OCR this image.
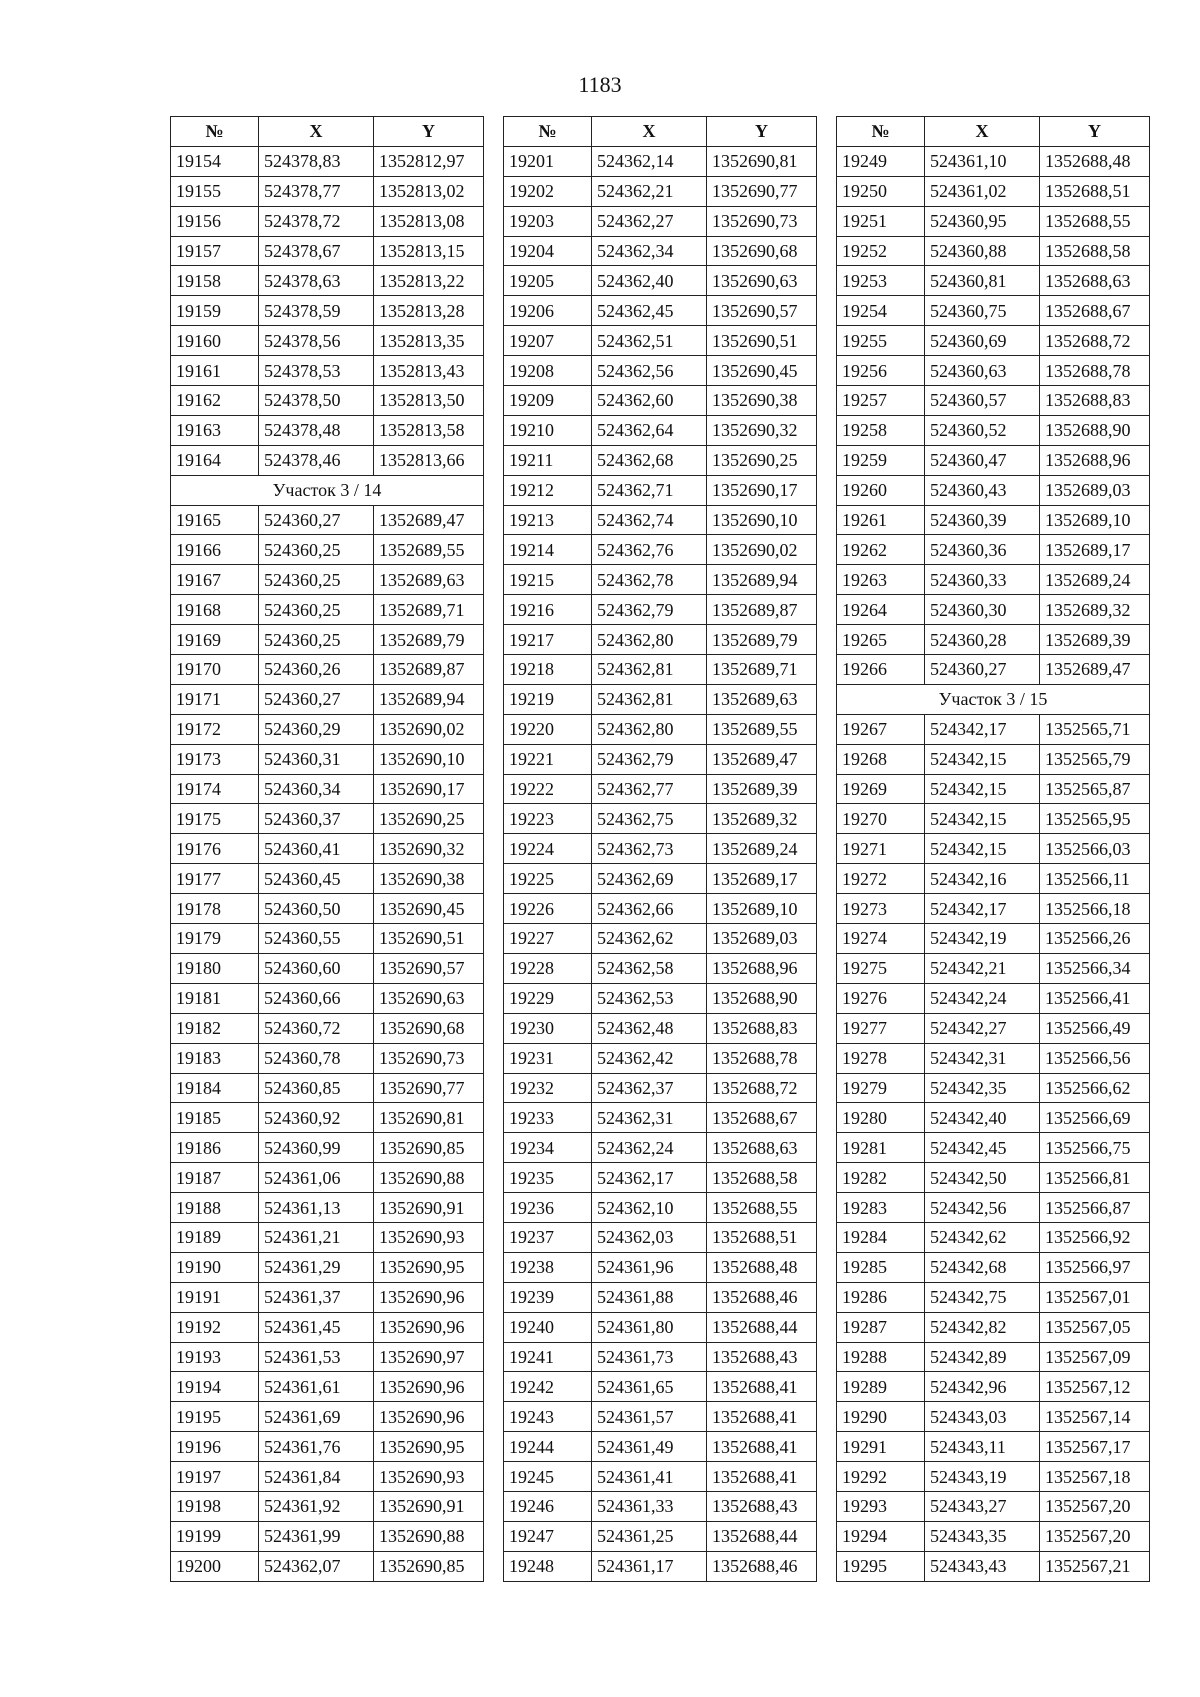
1183
№	X	Y
19154	524378,83	1352812,97
19155	524378,77	1352813,02
19156	524378,72	1352813,08
19157	524378,67	1352813,15
19158	524378,63	1352813,22
19159	524378,59	1352813,28
19160	524378,56	1352813,35
19161	524378,53	1352813,43
19162	524378,50	1352813,50
19163	524378,48	1352813,58
19164	524378,46	1352813,66
Участок 3 / 14		
19165	524360,27	1352689,47
19166	524360,25	1352689,55
19167	524360,25	1352689,63
19168	524360,25	1352689,71
19169	524360,25	1352689,79
19170	524360,26	1352689,87
19171	524360,27	1352689,94
19172	524360,29	1352690,02
19173	524360,31	1352690,10
19174	524360,34	1352690,17
19175	524360,37	1352690,25
19176	524360,41	1352690,32
19177	524360,45	1352690,38
19178	524360,50	1352690,45
19179	524360,55	1352690,51
19180	524360,60	1352690,57
19181	524360,66	1352690,63
19182	524360,72	1352690,68
19183	524360,78	1352690,73
19184	524360,85	1352690,77
19185	524360,92	1352690,81
19186	524360,99	1352690,85
19187	524361,06	1352690,88
19188	524361,13	1352690,91
19189	524361,21	1352690,93
19190	524361,29	1352690,95
19191	524361,37	1352690,96
19192	524361,45	1352690,96
19193	524361,53	1352690,97
19194	524361,61	1352690,96
19195	524361,69	1352690,96
19196	524361,76	1352690,95
19197	524361,84	1352690,93
19198	524361,92	1352690,91
19199	524361,99	1352690,88
19200	524362,07	1352690,85
№	X	Y
19201	524362,14	1352690,81
19202	524362,21	1352690,77
19203	524362,27	1352690,73
19204	524362,34	1352690,68
19205	524362,40	1352690,63
19206	524362,45	1352690,57
19207	524362,51	1352690,51
19208	524362,56	1352690,45
19209	524362,60	1352690,38
19210	524362,64	1352690,32
19211	524362,68	1352690,25
19212	524362,71	1352690,17
19213	524362,74	1352690,10
19214	524362,76	1352690,02
19215	524362,78	1352689,94
19216	524362,79	1352689,87
19217	524362,80	1352689,79
19218	524362,81	1352689,71
19219	524362,81	1352689,63
19220	524362,80	1352689,55
19221	524362,79	1352689,47
19222	524362,77	1352689,39
19223	524362,75	1352689,32
19224	524362,73	1352689,24
19225	524362,69	1352689,17
19226	524362,66	1352689,10
19227	524362,62	1352689,03
19228	524362,58	1352688,96
19229	524362,53	1352688,90
19230	524362,48	1352688,83
19231	524362,42	1352688,78
19232	524362,37	1352688,72
19233	524362,31	1352688,67
19234	524362,24	1352688,63
19235	524362,17	1352688,58
19236	524362,10	1352688,55
19237	524362,03	1352688,51
19238	524361,96	1352688,48
19239	524361,88	1352688,46
19240	524361,80	1352688,44
19241	524361,73	1352688,43
19242	524361,65	1352688,41
19243	524361,57	1352688,41
19244	524361,49	1352688,41
19245	524361,41	1352688,41
19246	524361,33	1352688,43
19247	524361,25	1352688,44
19248	524361,17	1352688,46
№	X	Y
19249	524361,10	1352688,48
19250	524361,02	1352688,51
19251	524360,95	1352688,55
19252	524360,88	1352688,58
19253	524360,81	1352688,63
19254	524360,75	1352688,67
19255	524360,69	1352688,72
19256	524360,63	1352688,78
19257	524360,57	1352688,83
19258	524360,52	1352688,90
19259	524360,47	1352688,96
19260	524360,43	1352689,03
19261	524360,39	1352689,10
19262	524360,36	1352689,17
19263	524360,33	1352689,24
19264	524360,30	1352689,32
19265	524360,28	1352689,39
19266	524360,27	1352689,47
Участок 3 / 15		
19267	524342,17	1352565,71
19268	524342,15	1352565,79
19269	524342,15	1352565,87
19270	524342,15	1352565,95
19271	524342,15	1352566,03
19272	524342,16	1352566,11
19273	524342,17	1352566,18
19274	524342,19	1352566,26
19275	524342,21	1352566,34
19276	524342,24	1352566,41
19277	524342,27	1352566,49
19278	524342,31	1352566,56
19279	524342,35	1352566,62
19280	524342,40	1352566,69
19281	524342,45	1352566,75
19282	524342,50	1352566,81
19283	524342,56	1352566,87
19284	524342,62	1352566,92
19285	524342,68	1352566,97
19286	524342,75	1352567,01
19287	524342,82	1352567,05
19288	524342,89	1352567,09
19289	524342,96	1352567,12
19290	524343,03	1352567,14
19291	524343,11	1352567,17
19292	524343,19	1352567,18
19293	524343,27	1352567,20
19294	524343,35	1352567,20
19295	524343,43	1352567,21
